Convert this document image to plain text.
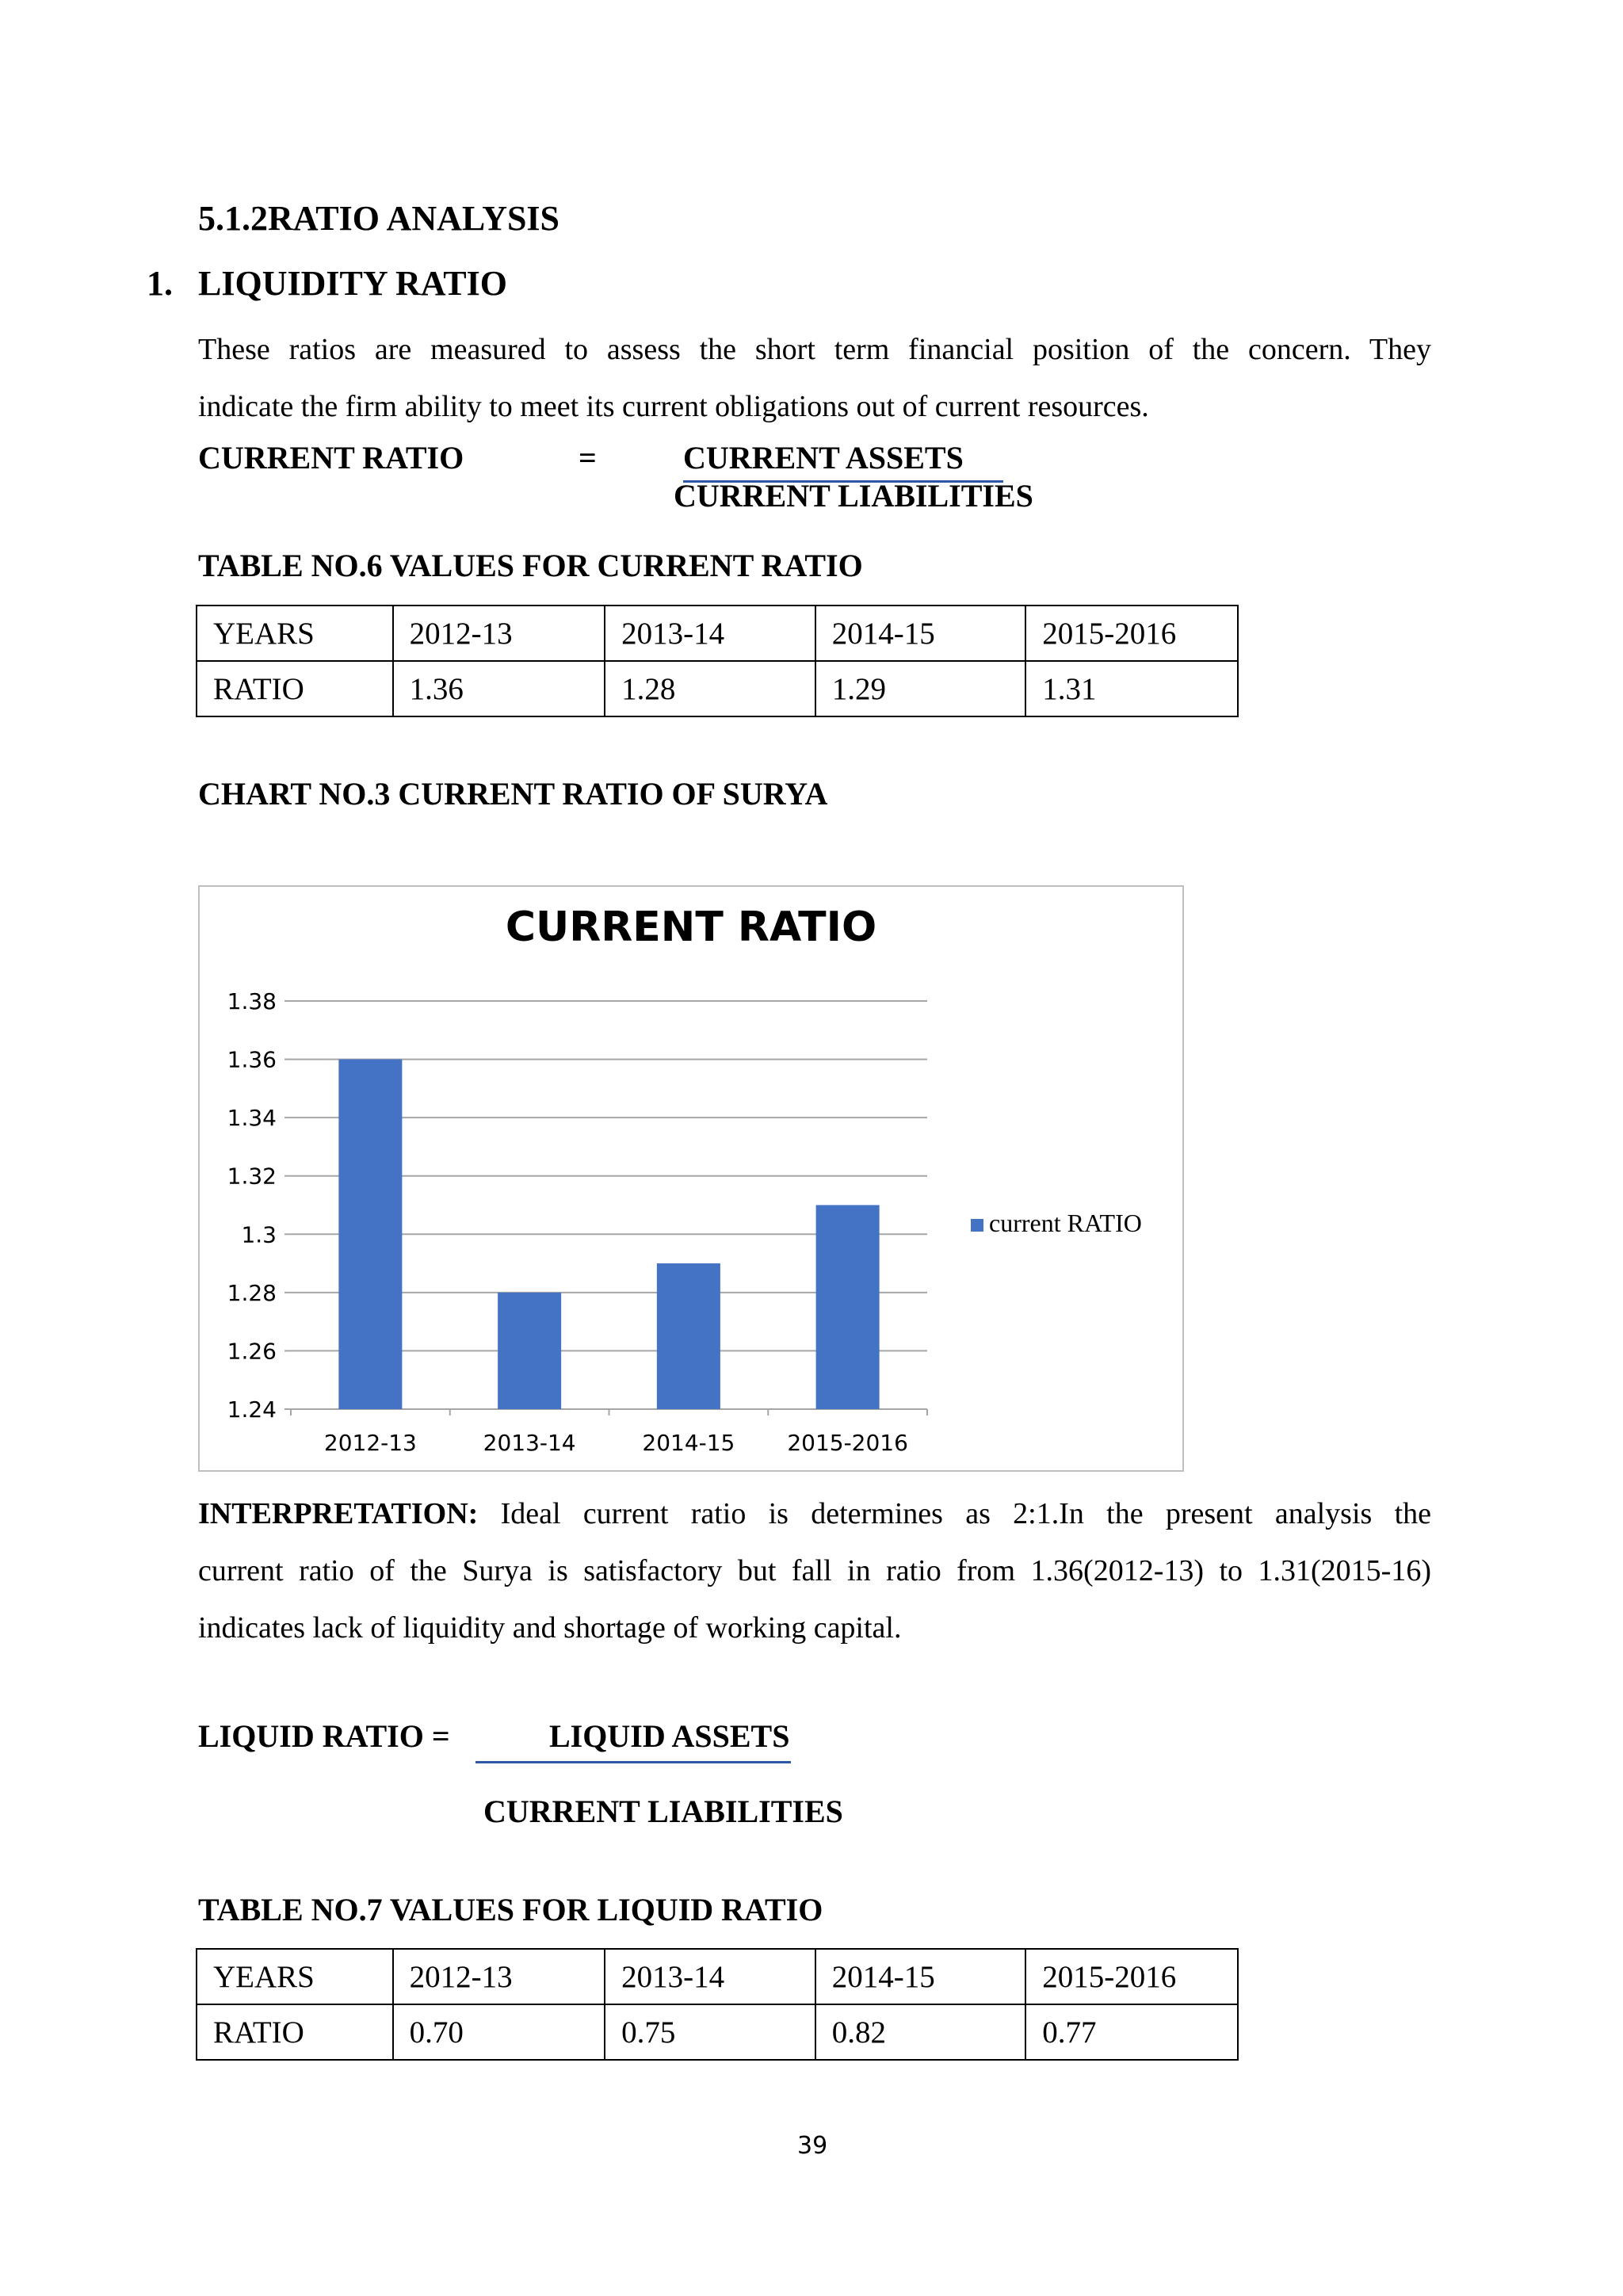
5.1.2RATIO ANALYSIS
1. LIQUIDITY RATIO
These ratios are measured to assess the short term financial position of the concern. They
indicate the firm ability to meet its current obligations out of current resources.
CURRENT RATIO	=	CURRENT ASSETS
CURRENT LIABILITIES
TABLE NO.6 VALUES FOR CURRENT RATIO
YEARS	2012-13	2013-14	2014-15	2015-2016
RATIO	1.36	1.28	1.29	1.31
CHART NO.3 CURRENT RATIO OF SURYA
CURRENT RATIO
1.38
1.36
1.34
1.32
1.3
1.28
1.26
1.24
2012-13	2013-14	2014-15 2015-2016
current RATIO
INTERPRETATION: Ideal current ratio is determines as 2:1.In the present analysis the
current ratio of the Surya is satisfactory but fall in ratio from 1.36(2012-13) to 1.31(2015-16)
indicates lack of liquidity and shortage of working capital.
LIQUID RATIO =	LIQUID ASSETS
CURRENT LIABILITIES
TABLE NO.7 VALUES FOR LIQUID RATIO
YEARS	2012-13	2013-14	2014-15	2015-2016
RATIO	0.70	0.75	0.82	0.77
39
